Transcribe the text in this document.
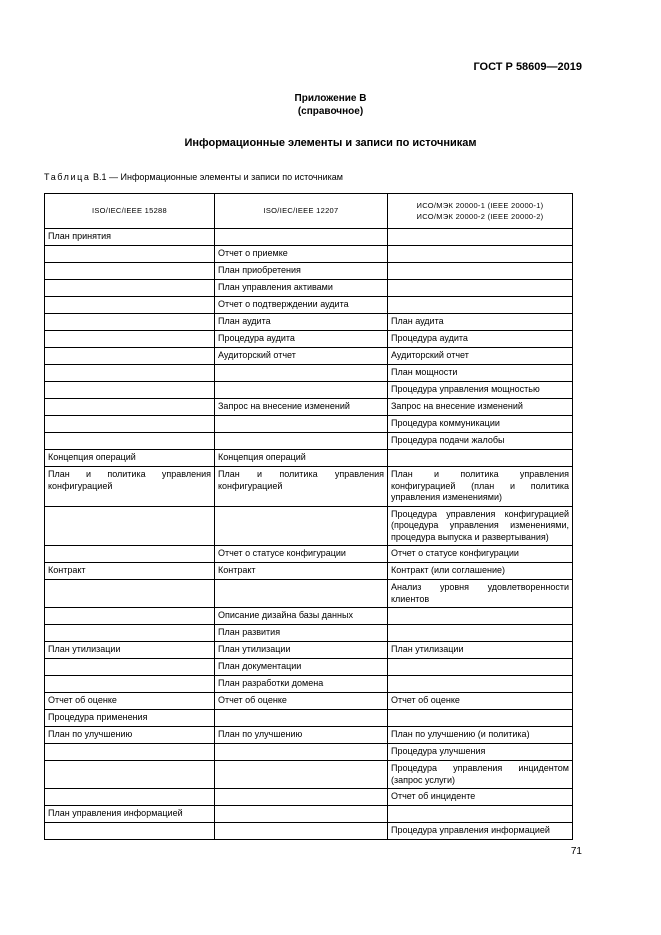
ГОСТ Р 58609—2019
Приложение В
(справочное)
Информационные элементы и записи по источникам
Таблица В.1 — Информационные элементы и записи по источникам
ISO/IEC/IEEE 15288	ISO/IEC/IEEE 12207	ИСО/МЭК 20000-1 (IEEE 20000-1)
ИСО/МЭК 20000-2 (IEEE 20000-2)
План принятия		
	Отчет о приемке	
	План приобретения	
	План управления активами	
	Отчет о подтверждении аудита	
	План аудита	План аудита
	Процедура аудита	Процедура аудита
	Аудиторский отчет	Аудиторский отчет
		План мощности
		Процедура управления мощностью
	Запрос на внесение изменений	Запрос на внесение изменений
		Процедура коммуникации
		Процедура подачи жалобы
Концепция операций	Концепция операций	
План и политика управления конфигурацией	План и политика управления конфигурацией	План и политика управления конфигурацией (план и политика управления изменениями)
		Процедура управления конфигурацией (процедура управления изменениями, процедура выпуска и развертывания)
	Отчет о статусе конфигурации	Отчет о статусе конфигурации
Контракт	Контракт	Контракт (или соглашение)
		Анализ уровня удовлетворенности клиентов
	Описание дизайна базы данных	
	План развития	
План утилизации	План утилизации	План утилизации
	План документации	
	План разработки домена	
Отчет об оценке	Отчет об оценке	Отчет об оценке
Процедура применения		
План по улучшению	План по улучшению	План по улучшению (и политика)
		Процедура улучшения
		Процедура управления инцидентом (запрос услуги)
		Отчет об инциденте
План управления информацией		
		Процедура управления информацией
71
